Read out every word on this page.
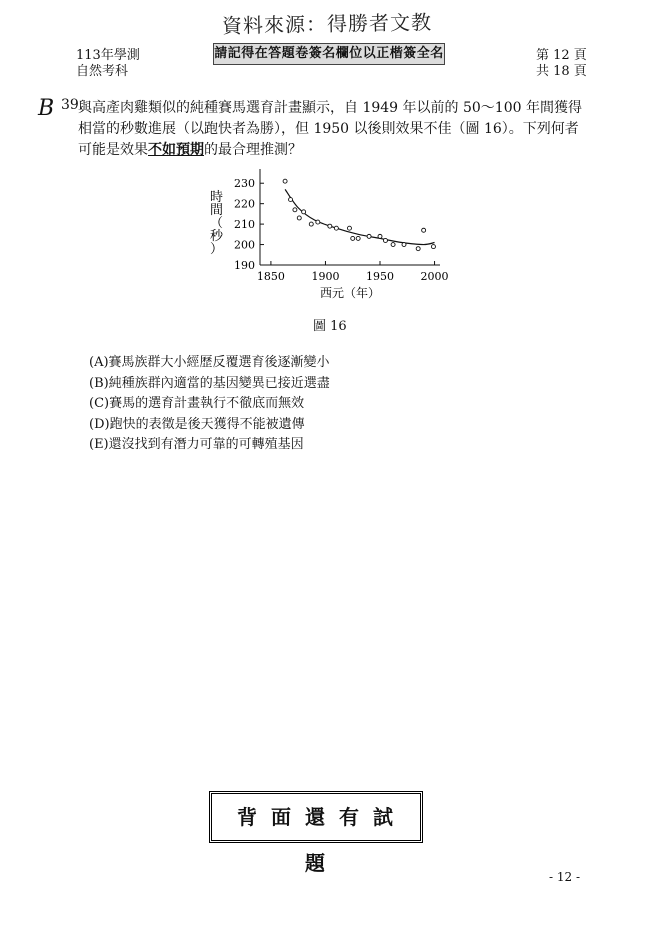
資料來源：得勝者文教
113年學測
自然考科
請記得在答題卷簽名欄位以正楷簽全名	第 12 頁
共 18 頁
B 39.
與高產肉雞類似的純種賽馬選育計畫顯示，自 1949 年以前的 50～100 年間獲得
相當的秒數進展（以跑快者為勝），但 1950 以後則效果不佳（圖 16）。下列何者
可能是效果不如預期的最合理推測？
190
200
210
220
230
1850 1900 1950 2000
時間（秒）
西元（年）
圖 16
(A)賽馬族群大小經歷反覆選育後逐漸變小
(B)純種族群內適當的基因變異已接近選盡
(C)賽馬的選育計畫執行不徹底而無效
(D)跑快的表徵是後天獲得不能被遺傳
(E)還沒找到有潛力可靠的可轉殖基因
背面還有試題
- 12 -
